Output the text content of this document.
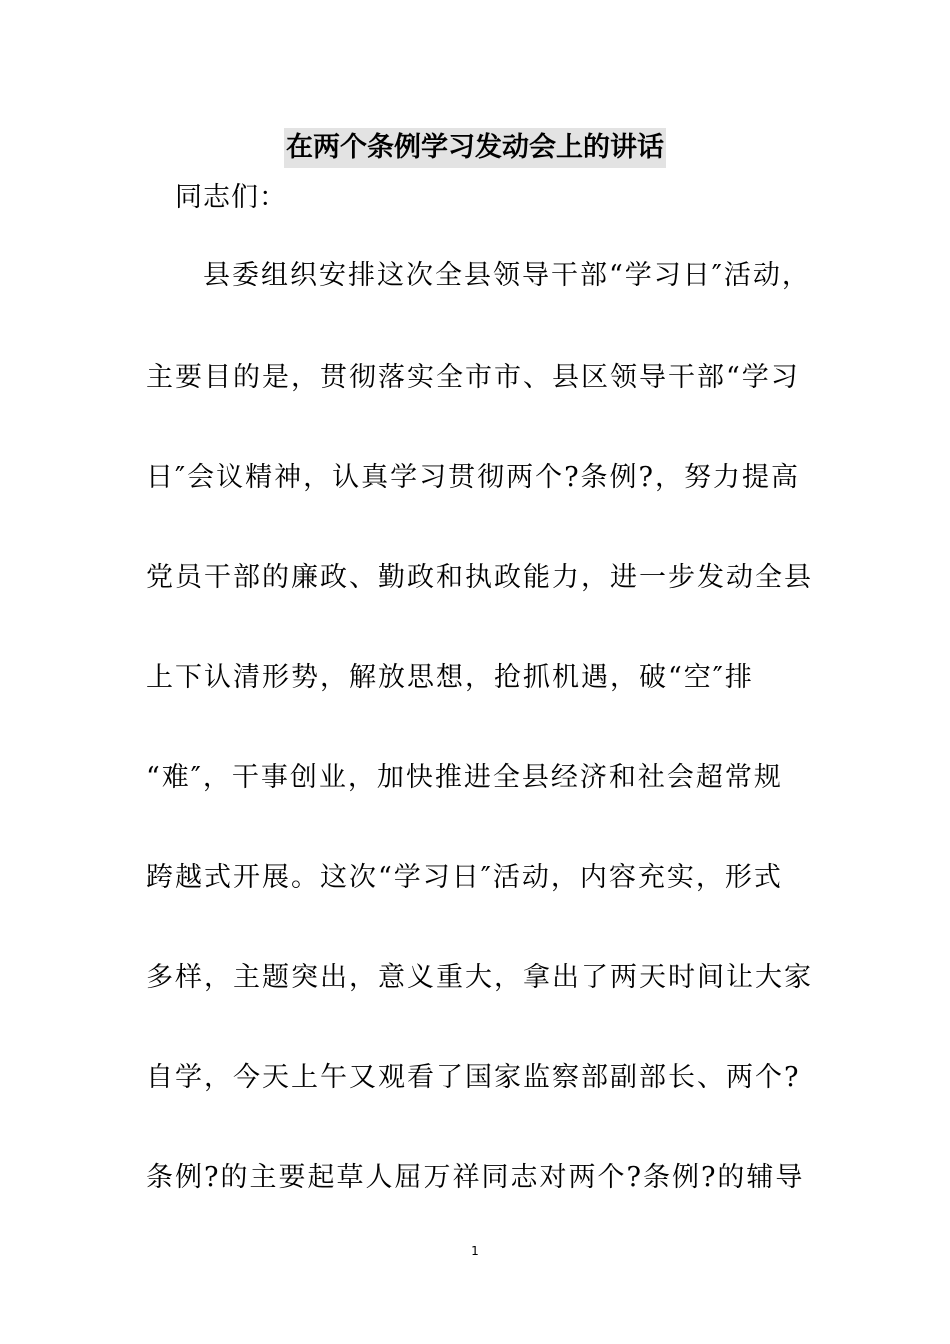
在两个条例学习发动会上的讲话
同志们：
县委组织安排这次全县领导干部“学习日″活动，
主要目的是，贯彻落实全市市、县区领导干部“学习
日″会议精神，认真学习贯彻两个?条例?，努力提高
党员干部的廉政、勤政和执政能力，进一步发动全县
上下认清形势，解放思想，抢抓机遇，破“空″排
“难″，干事创业，加快推进全县经济和社会超常规
跨越式开展。这次“学习日″活动，内容充实，形式
多样，主题突出，意义重大，拿出了两天时间让大家
自学，今天上午又观看了国家监察部副部长、两个?
条例?的主要起草人屈万祥同志对两个?条例?的辅导
1
